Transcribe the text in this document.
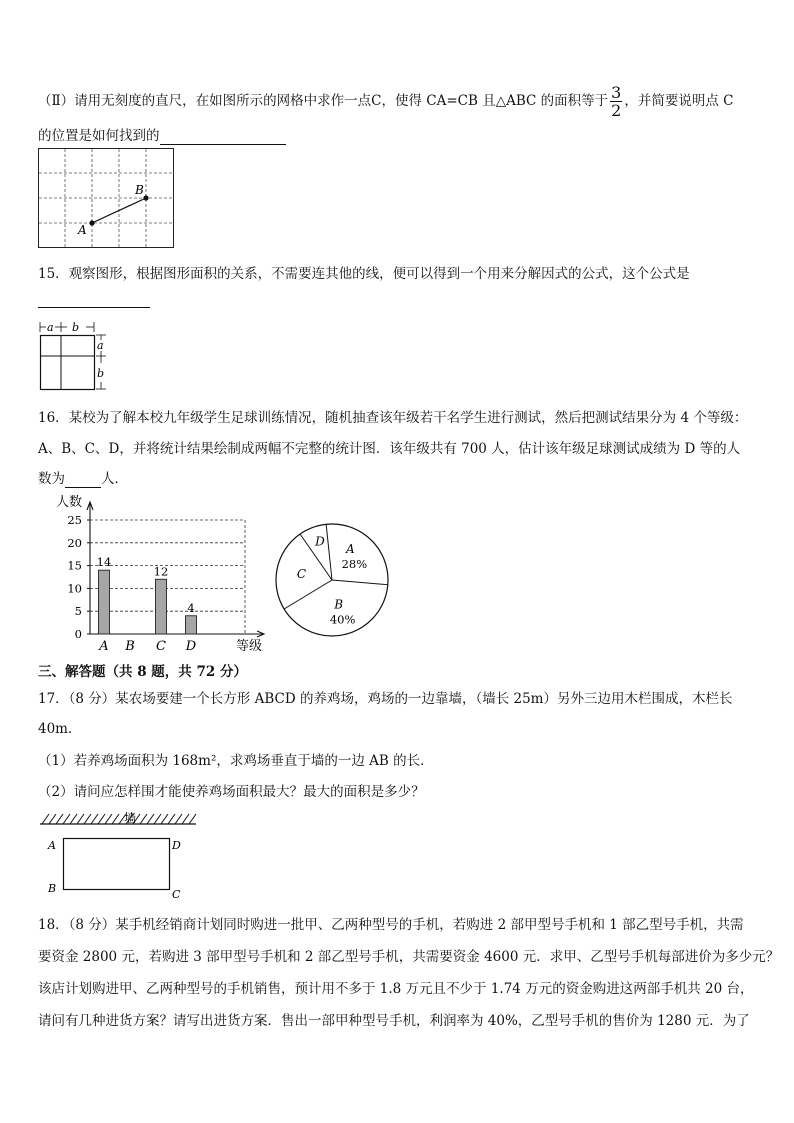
（Ⅱ）请用无刻度的直尺，在如图所示的网格中求作一点C，使得 CA=CB 且△ABC 的面积等于 $\frac{3}{2}$ ，并简要说明点 C
的位置是如何找到的
A
B
15．观察图形，根据图形面积的关系，不需要连其他的线，便可以得到一个用来分解因式的公式，这个公式是

a b
a
b
16．某校为了解本校九年级学生足球训练情况，随机抽查该年级若干名学生进行测试，然后把测试结果分为 4 个等级：
A、B、C、D，并将统计结果绘制成两幅不完整的统计图．该年级共有 700 人，估计该年级足球测试成绩为 D 等的人
数为	人．
0
5
10
15
20
25
人数
等级
14
A B
12
C
4
D
A
28%
B
40%
C
D
三、解答题（共 8 题，共 72 分）
17．（8 分）某农场要建一个长方形 ABCD 的养鸡场，鸡场的一边靠墙，（墙长 25m）另外三边用木栏围成，木栏长
40m．
（1）若养鸡场面积为 168m²，求鸡场垂直于墙的一边 AB 的长．
（2）请问应怎样围才能使养鸡场面积最大？最大的面积是多少？
墙
A
B	C
D
18．（8 分）某手机经销商计划同时购进一批甲、乙两种型号的手机，若购进 2 部甲型号手机和 1 部乙型号手机，共需
要资金 2800 元，若购进 3 部甲型号手机和 2 部乙型号手机，共需要资金 4600 元．求甲、乙型号手机每部进价为多少元？
该店计划购进甲、乙两种型号的手机销售，预计用不多于 1.8 万元且不少于 1.74 万元的资金购进这两部手机共 20 台，
请问有几种进货方案？请写出进货方案．售出一部甲种型号手机，利润率为 40%，乙型号手机的售价为 1280 元．为了
